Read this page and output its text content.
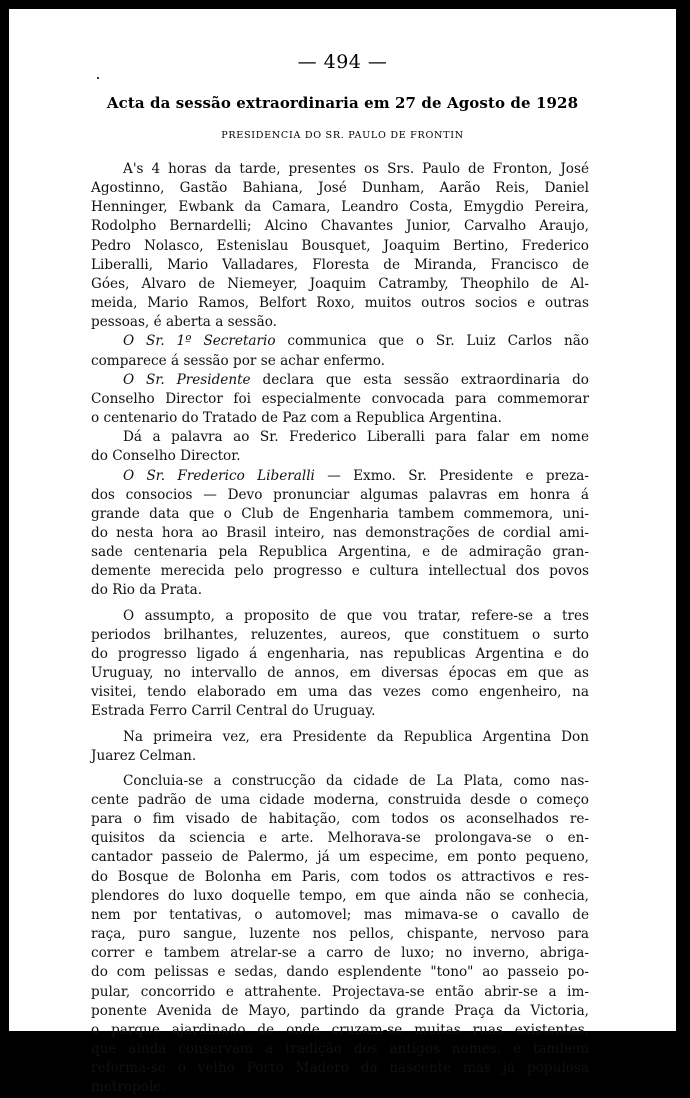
— 494 —
Acta da sessão extraordinaria em 27 de Agosto de 1928
PRESIDENCIA DO SR. PAULO DE FRONTIN
A's 4 horas da tarde, presentes os Srs. Paulo de Fronton, José
Agostinno, Gastão Bahiana, José Dunham, Aarão Reis, Daniel
Henninger, Ewbank da Camara, Leandro Costa, Emygdio Pereira,
Rodolpho Bernardelli; Alcino Chavantes Junior, Carvalho Araujo,
Pedro Nolasco, Estenislau Bousquet, Joaquim Bertino, Frederico
Liberalli, Mario Valladares, Floresta de Miranda, Francisco de
Góes, Alvaro de Niemeyer, Joaquim Catramby, Theophilo de Al-
meida, Mario Ramos, Belfort Roxo, muitos outros socios e outras
pessoas, é aberta a sessão.
O Sr. 1º Secretario communica que o Sr. Luiz Carlos não
comparece á sessão por se achar enfermo.
O Sr. Presidente declara que esta sessão extraordinaria do
Conselho Director foi especialmente convocada para commemorar
o centenario do Tratado de Paz com a Republica Argentina.
Dá a palavra ao Sr. Frederico Liberalli para falar em nome
do Conselho Director.
O Sr. Frederico Liberalli — Exmo. Sr. Presidente e preza-
dos consocios — Devo pronunciar algumas palavras em honra á
grande data que o Club de Engenharia tambem commemora, uni-
do nesta hora ao Brasil inteiro, nas demonstrações de cordial ami-
sade centenaria pela Republica Argentina, e de admiração gran-
demente merecida pelo progresso e cultura intellectual dos povos
do Rio da Prata.
O assumpto, a proposito de que vou tratar, refere-se a tres
periodos brilhantes, reluzentes, aureos, que constituem o surto
do progresso ligado á engenharia, nas republicas Argentina e do
Uruguay, no intervallo de annos, em diversas épocas em que as
visitei, tendo elaborado em uma das vezes como engenheiro, na
Estrada Ferro Carril Central do Uruguay.
Na primeira vez, era Presidente da Republica Argentina Don
Juarez Celman.
Concluia-se a construcção da cidade de La Plata, como nas-
cente padrão de uma cidade moderna, construida desde o começo
para o fim visado de habitação, com todos os aconselhados re-
quisitos da sciencia e arte. Melhorava-se prolongava-se o en-
cantador passeio de Palermo, já um especime, em ponto pequeno,
do Bosque de Bolonha em Paris, com todos os attractivos e res-
plendores do luxo doquelle tempo, em que ainda não se conhecia,
nem por tentativas, o automovel; mas mimava-se o cavallo de
raça, puro sangue, luzente nos pellos, chispante, nervoso para
correr e tambem atrelar-se a carro de luxo; no inverno, abriga-
do com pelissas e sedas, dando esplendente "tono" ao passeio po-
pular, concorrido e attrahente. Projectava-se então abrir-se a im-
ponente Avenida de Mayo, partindo da grande Praça da Victoria,
o parque ajardinado de onde cruzam-se muitas ruas existentes,
que ainda conservam a tradição dos antigos nomes, e tambem
reforma-se o velho Porto Madero da nascente mas já populosa
metropole.
